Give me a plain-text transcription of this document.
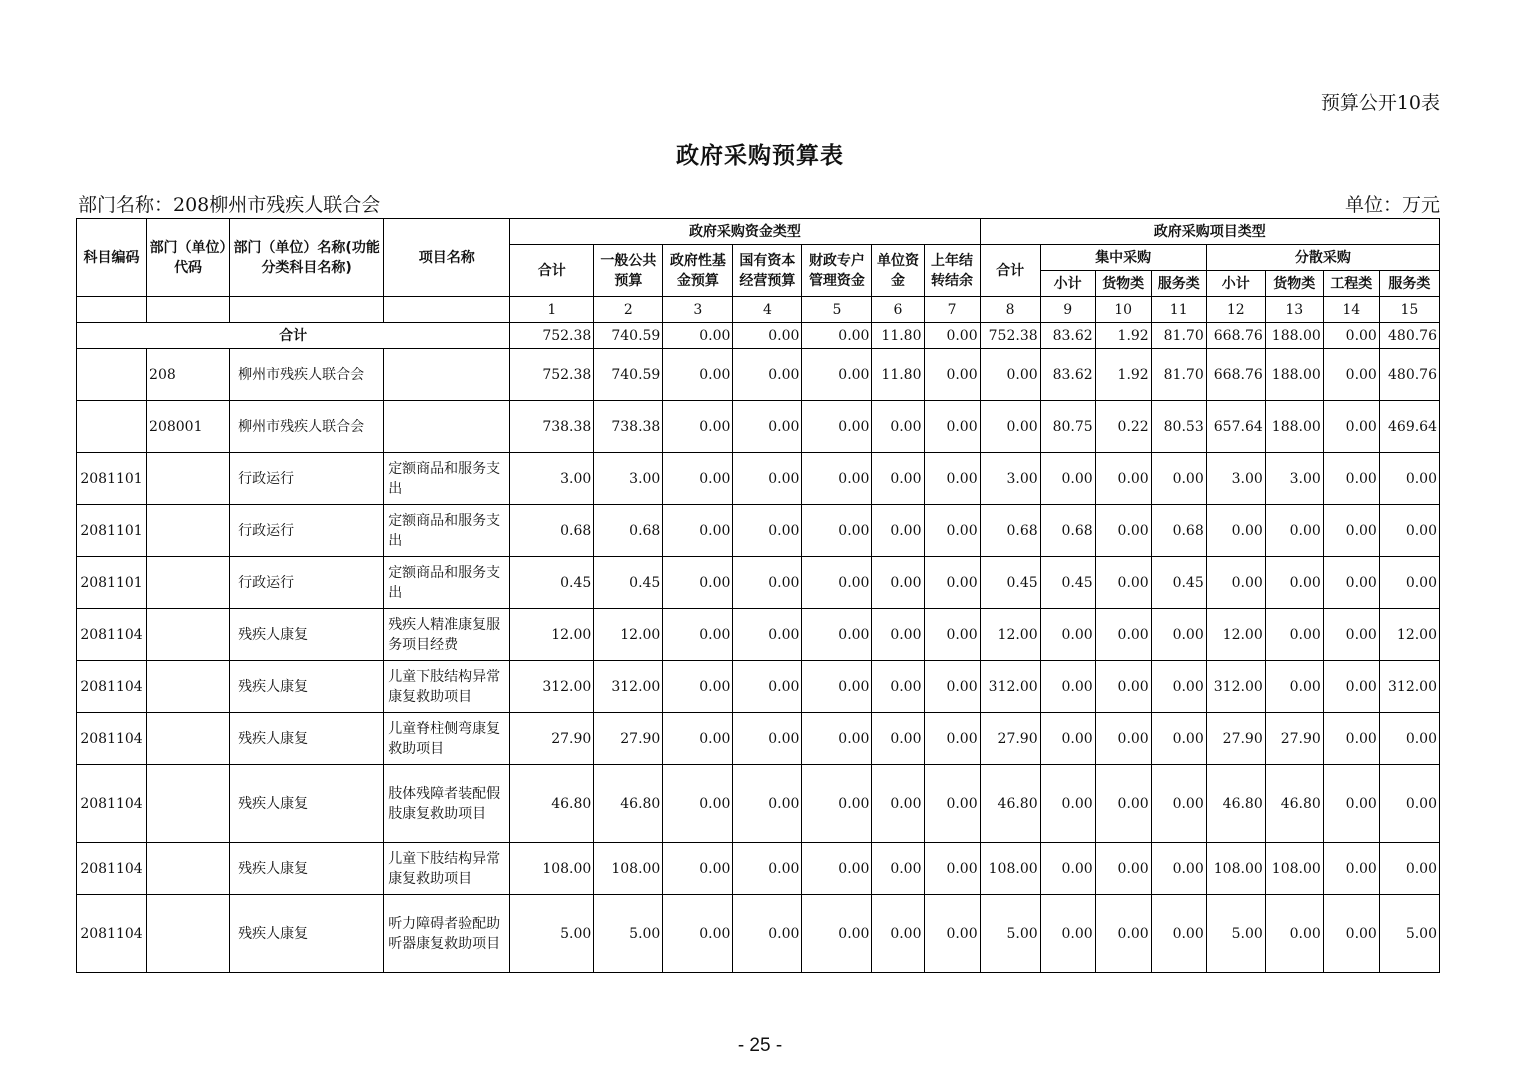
预算公开10表
政府采购预算表
部门名称：208柳州市残疾人联合会	单位：万元
科目编码	部门（单位）代码	部门（单位）名称(功能分类科目名称)	项目名称	政府采购资金类型							政府采购项目类型							
				合计	一般公共预算	政府性基金预算	国有资本经营预算	财政专户管理资金	单位资金	上年结转结余	合计	集中采购			分散采购			
												小计	货物类	服务类	小计	货物类	工程类	服务类
				1	2	3	4	5	6	7	8	9	10	11	12	13	14	15
合计				752.38	740.59	0.00	0.00	0.00	11.80	0.00	752.38	83.62	1.92	81.70	668.76	188.00	0.00	480.76
	208	柳州市残疾人联合会		752.38	740.59	0.00	0.00	0.00	11.80	0.00	0.00	83.62	1.92	81.70	668.76	188.00	0.00	480.76
	208001	柳州市残疾人联合会		738.38	738.38	0.00	0.00	0.00	0.00	0.00	0.00	80.75	0.22	80.53	657.64	188.00	0.00	469.64
2081101		行政运行	定额商品和服务支出	3.00	3.00	0.00	0.00	0.00	0.00	0.00	3.00	0.00	0.00	0.00	3.00	3.00	0.00	0.00
2081101		行政运行	定额商品和服务支出	0.68	0.68	0.00	0.00	0.00	0.00	0.00	0.68	0.68	0.00	0.68	0.00	0.00	0.00	0.00
2081101		行政运行	定额商品和服务支出	0.45	0.45	0.00	0.00	0.00	0.00	0.00	0.45	0.45	0.00	0.45	0.00	0.00	0.00	0.00
2081104		残疾人康复	残疾人精准康复服务项目经费	12.00	12.00	0.00	0.00	0.00	0.00	0.00	12.00	0.00	0.00	0.00	12.00	0.00	0.00	12.00
2081104		残疾人康复	儿童下肢结构异常康复救助项目	312.00	312.00	0.00	0.00	0.00	0.00	0.00	312.00	0.00	0.00	0.00	312.00	0.00	0.00	312.00
2081104		残疾人康复	儿童脊柱侧弯康复救助项目	27.90	27.90	0.00	0.00	0.00	0.00	0.00	27.90	0.00	0.00	0.00	27.90	27.90	0.00	0.00
2081104		残疾人康复	肢体残障者装配假肢康复救助项目	46.80	46.80	0.00	0.00	0.00	0.00	0.00	46.80	0.00	0.00	0.00	46.80	46.80	0.00	0.00
2081104		残疾人康复	儿童下肢结构异常康复救助项目	108.00	108.00	0.00	0.00	0.00	0.00	0.00	108.00	0.00	0.00	0.00	108.00	108.00	0.00	0.00
2081104		残疾人康复	听力障碍者验配助听器康复救助项目	5.00	5.00	0.00	0.00	0.00	0.00	0.00	5.00	0.00	0.00	0.00	5.00	0.00	0.00	5.00
- 25 -
